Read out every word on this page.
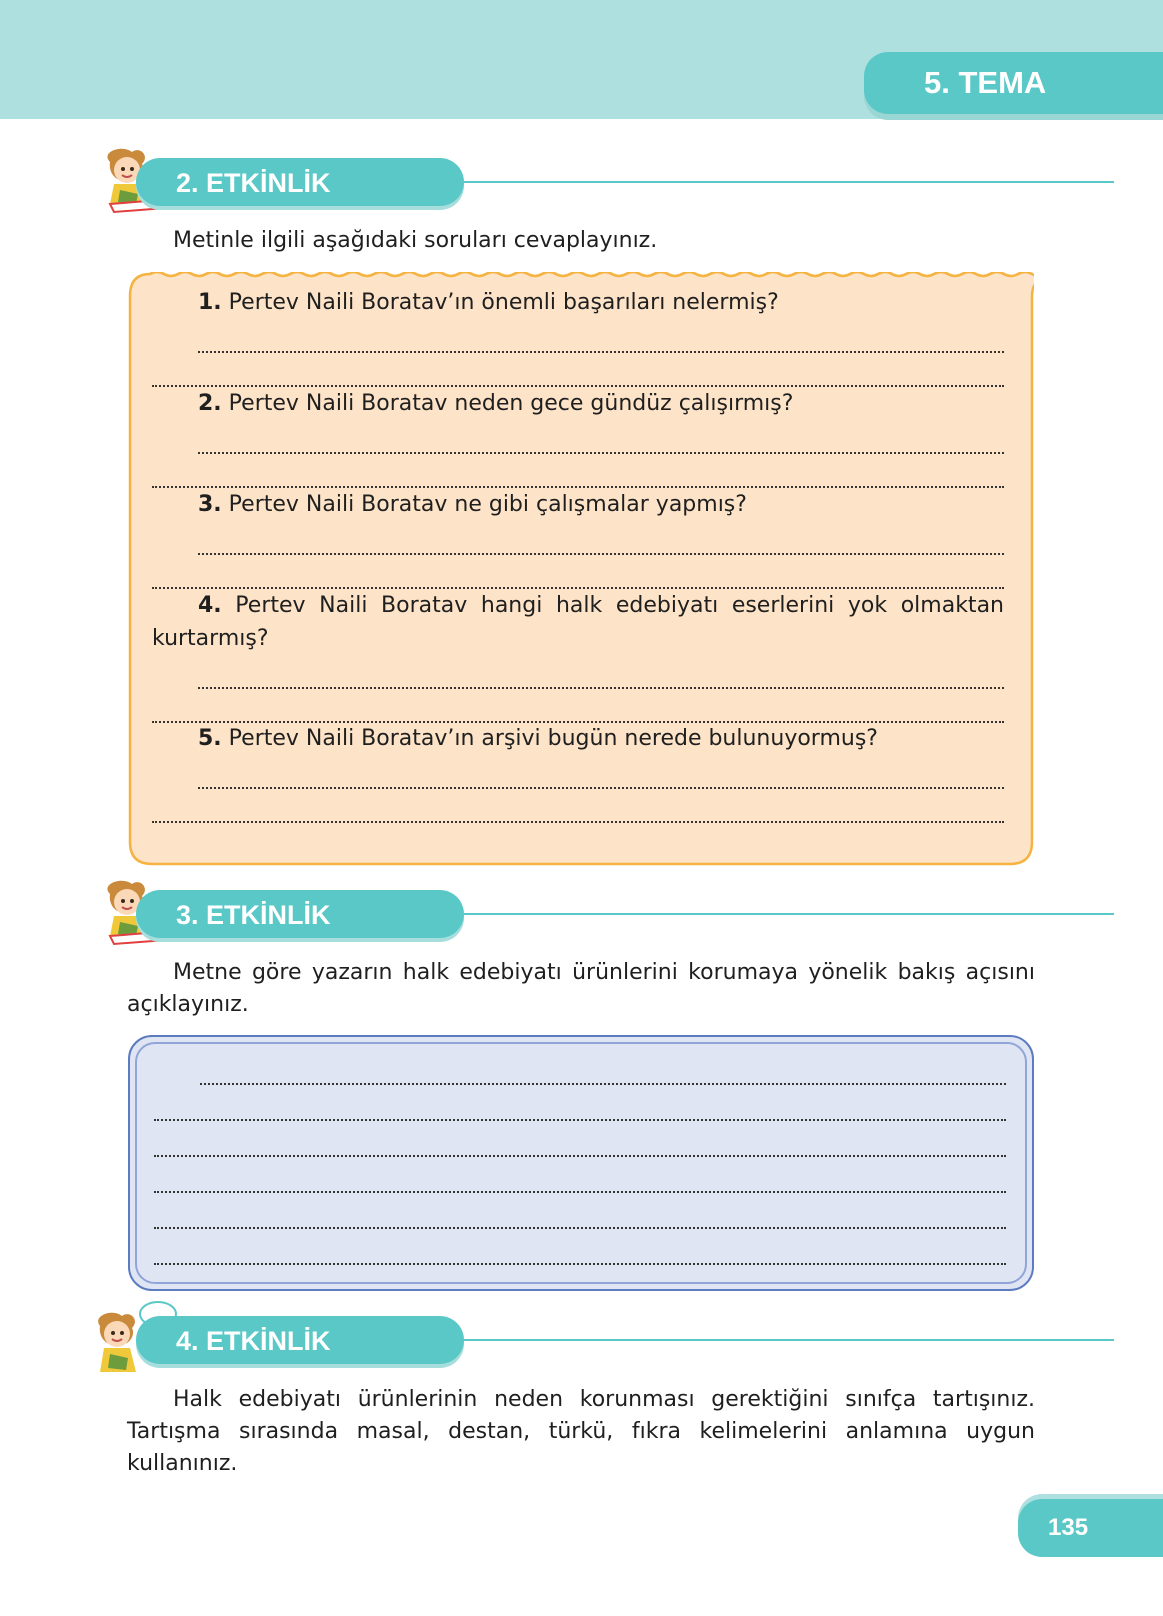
5. TEMA
2. ETKİNLİK
Metinle ilgili aşağıdaki soruları cevaplayınız.
1. Pertev Naili Boratav’ın önemli başarıları nelermiş?
2. Pertev Naili Boratav neden gece gündüz çalışırmış?
3. Pertev Naili Boratav ne gibi çalışmalar yapmış?
4. Pertev Naili Boratav hangi halk edebiyatı eserlerini yok olmaktan kurtarmış?
5. Pertev Naili Boratav’ın arşivi bugün nerede bulunuyormuş?
3. ETKİNLİK
Metne göre yazarın halk edebiyatı ürünlerini korumaya yönelik bakış açısını açıklayınız.
4. ETKİNLİK
Halk edebiyatı ürünlerinin neden korunması gerektiğini sınıfça tartışınız. Tartışma sırasında masal, destan, türkü, fıkra kelimelerini anlamına uygun kullanınız.
135
